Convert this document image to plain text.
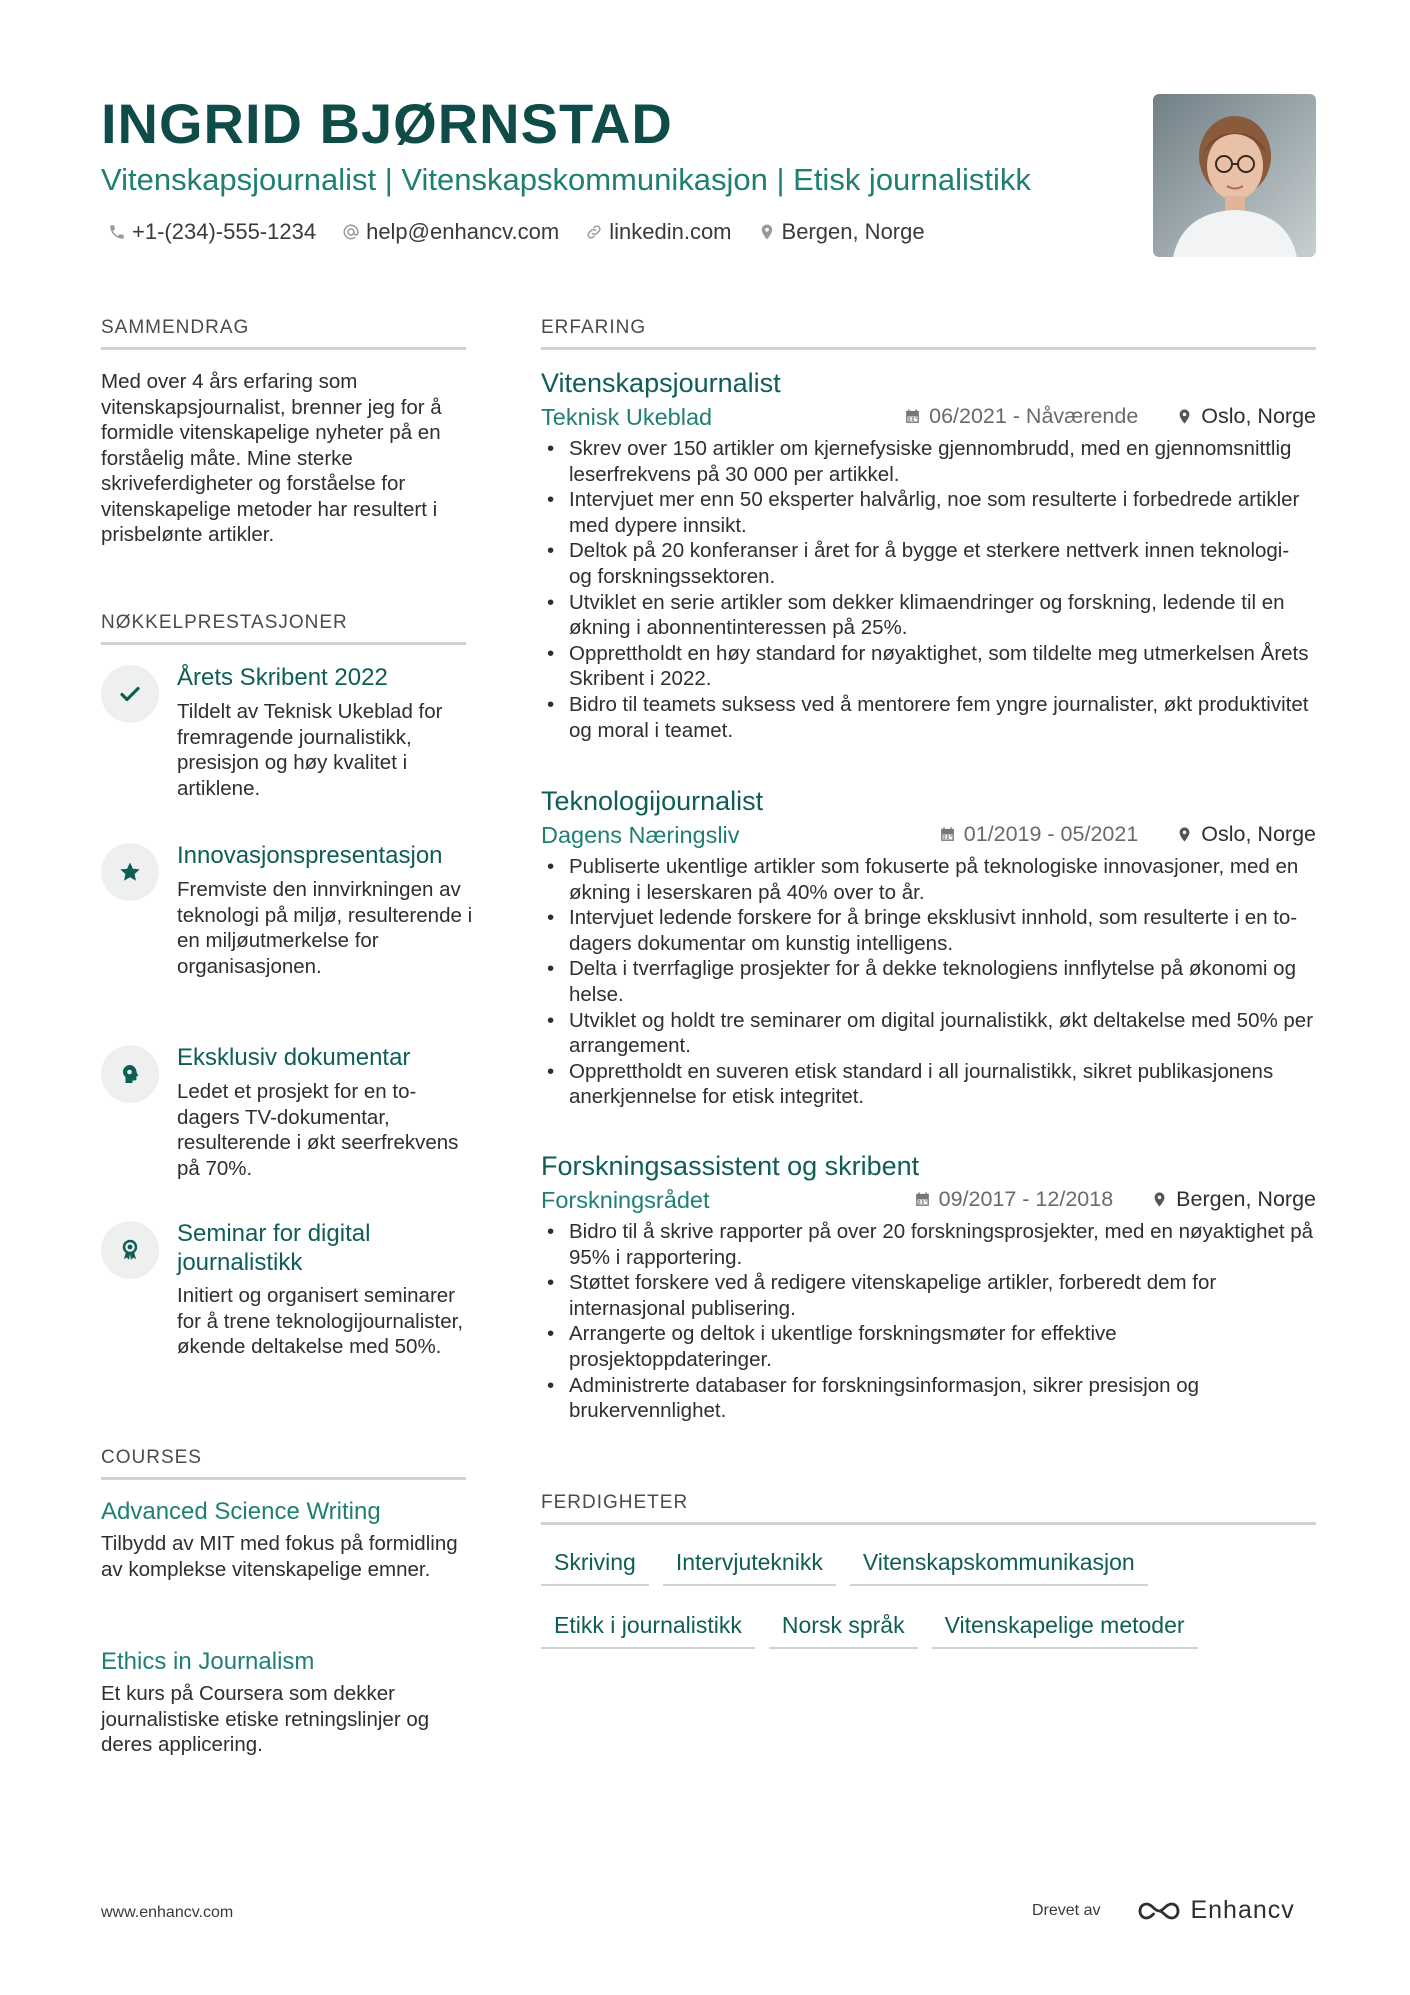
INGRID BJØRNSTAD
Vitenskapsjournalist | Vitenskapskommunikasjon | Etisk journalistikk
+1-(234)-555-1234 help@enhancv.com linkedin.com Bergen, Norge
SAMMENDRAG
Med over 4 års erfaring som vitenskapsjournalist, brenner jeg for å formidle vitenskapelige nyheter på en forståelig måte. Mine sterke skriveferdigheter og forståelse for vitenskapelige metoder har resultert i prisbelønte artikler.
NØKKELPRESTASJONER
Årets Skribent 2022
Tildelt av Teknisk Ukeblad for fremragende journalistikk, presisjon og høy kvalitet i artiklene.
Innovasjonspresentasjon
Fremviste den innvirkningen av teknologi på miljø, resulterende i en miljøutmerkelse for organisasjonen.
Eksklusiv dokumentar
Ledet et prosjekt for en to-dagers TV-dokumentar, resulterende i økt seerfrekvens på 70%.
Seminar for digital journalistikk
Initiert og organisert seminarer for å trene teknologijournalister, økende deltakelse med 50%.
COURSES
Advanced Science Writing
Tilbydd av MIT med fokus på formidling av komplekse vitenskapelige emner.
Ethics in Journalism
Et kurs på Coursera som dekker journalistiske etiske retningslinjer og deres applicering.
ERFARING
Vitenskapsjournalist
Teknisk Ukeblad	06/2021 - Nåværende	Oslo, Norge
• Skrev over 150 artikler om kjernefysiske gjennombrudd, med en gjennomsnittlig leserfrekvens på 30 000 per artikkel.
• Intervjuet mer enn 50 eksperter halvårlig, noe som resulterte i forbedrede artikler med dypere innsikt.
• Deltok på 20 konferanser i året for å bygge et sterkere nettverk innen teknologi- og forskningssektoren.
• Utviklet en serie artikler som dekker klimaendringer og forskning, ledende til en økning i abonnentinteressen på 25%.
• Opprettholdt en høy standard for nøyaktighet, som tildelte meg utmerkelsen Årets Skribent i 2022.
• Bidro til teamets suksess ved å mentorere fem yngre journalister, økt produktivitet og moral i teamet.
Teknologijournalist
Dagens Næringsliv	01/2019 - 05/2021	Oslo, Norge
• Publiserte ukentlige artikler som fokuserte på teknologiske innovasjoner, med en økning i leserskaren på 40% over to år.
• Intervjuet ledende forskere for å bringe eksklusivt innhold, som resulterte i en to-dagers dokumentar om kunstig intelligens.
• Delta i tverrfaglige prosjekter for å dekke teknologiens innflytelse på økonomi og helse.
• Utviklet og holdt tre seminarer om digital journalistikk, økt deltakelse med 50% per arrangement.
• Opprettholdt en suveren etisk standard i all journalistikk, sikret publikasjonens anerkjennelse for etisk integritet.
Forskningsassistent og skribent
Forskningsrådet	09/2017 - 12/2018	Bergen, Norge
• Bidro til å skrive rapporter på over 20 forskningsprosjekter, med en nøyaktighet på 95% i rapportering.
• Støttet forskere ved å redigere vitenskapelige artikler, forberedt dem for internasjonal publisering.
• Arrangerte og deltok i ukentlige forskningsmøter for effektive prosjektoppdateringer.
• Administrerte databaser for forskningsinformasjon, sikrer presisjon og brukervennlighet.
FERDIGHETER
Skriving	Intervjuteknikk	Vitenskapskommunikasjon
Etikk i journalistikk	Norsk språk	Vitenskapelige metoder
www.enhancv.com	Drevet av	Enhancv
